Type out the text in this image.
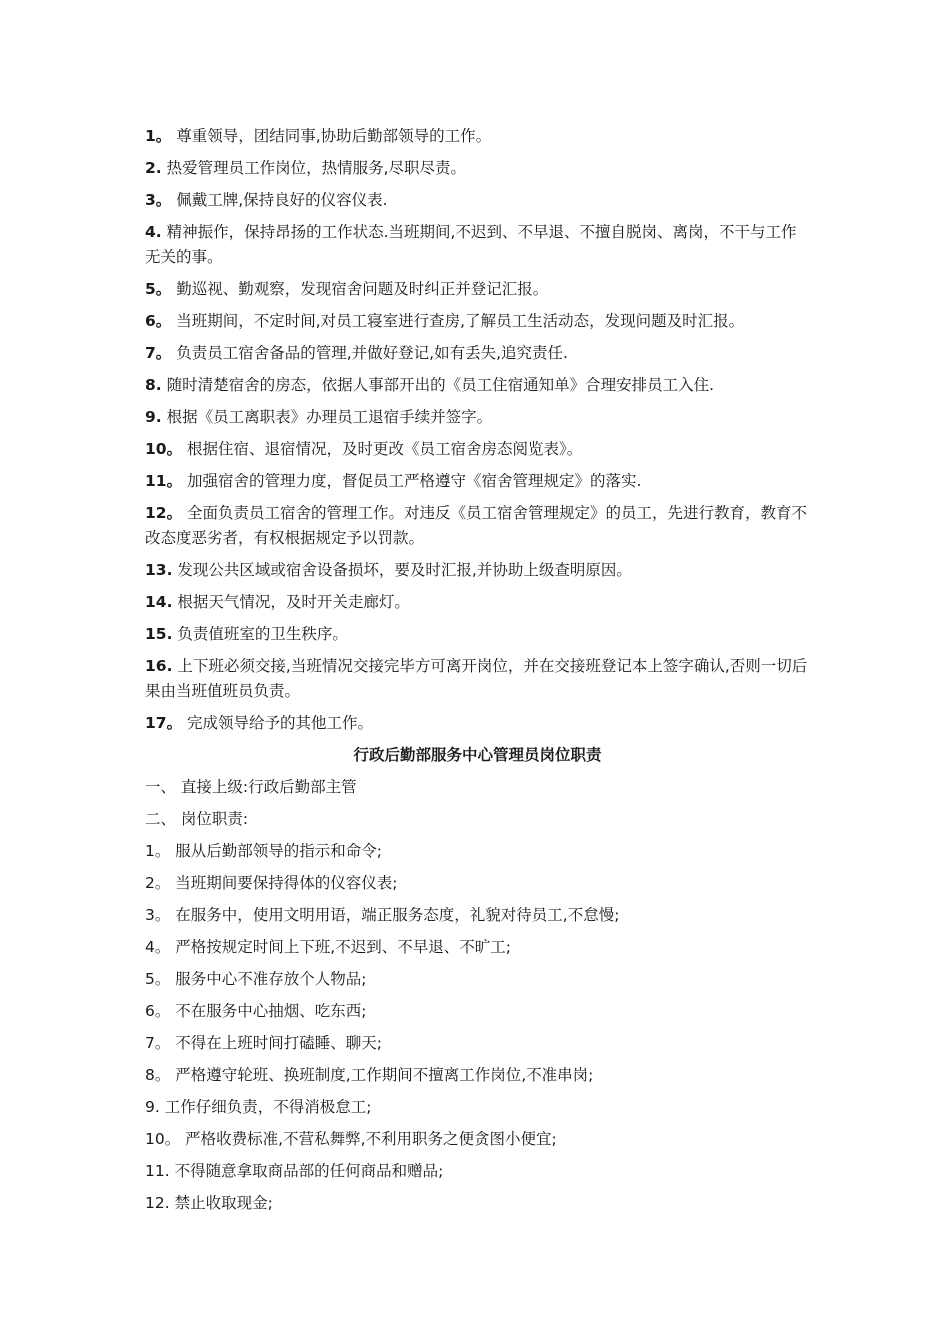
1。 尊重领导，团结同事,协助后勤部领导的工作。
2. 热爱管理员工作岗位，热情服务,尽职尽责。
3。 佩戴工牌,保持良好的仪容仪表.
4. 精神振作，保持昂扬的工作状态.当班期间,不迟到、不早退、不擅自脱岗、离岗，不干与工作无关的事。
5。 勤巡视、勤观察，发现宿舍问题及时纠正并登记汇报。
6。 当班期间，不定时间,对员工寝室进行查房,了解员工生活动态，发现问题及时汇报。
7。 负责员工宿舍备品的管理,并做好登记,如有丢失,追究责任.
8. 随时清楚宿舍的房态，依据人事部开出的《员工住宿通知单》合理安排员工入住.
9. 根据《员工离职表》办理员工退宿手续并签字。
10。 根据住宿、退宿情况，及时更改《员工宿舍房态阅览表》。
11。 加强宿舍的管理力度，督促员工严格遵守《宿舍管理规定》的落实.
12。 全面负责员工宿舍的管理工作。对违反《员工宿舍管理规定》的员工，先进行教育，教育不改态度恶劣者，有权根据规定予以罚款。
13. 发现公共区域或宿舍设备损坏，要及时汇报,并协助上级查明原因。
14. 根据天气情况，及时开关走廊灯。
15. 负责值班室的卫生秩序。
16. 上下班必须交接,当班情况交接完毕方可离开岗位，并在交接班登记本上签字确认,否则一切后果由当班值班员负责。
17。 完成领导给予的其他工作。
行政后勤部服务中心管理员岗位职责
一、 直接上级:行政后勤部主管
二、 岗位职责:
1。 服从后勤部领导的指示和命令;
2。 当班期间要保持得体的仪容仪表;
3。 在服务中，使用文明用语，端正服务态度，礼貌对待员工,不怠慢;
4。 严格按规定时间上下班,不迟到、不早退、不旷工;
5。 服务中心不准存放个人物品;
6。 不在服务中心抽烟、吃东西;
7。 不得在上班时间打磕睡、聊天;
8。 严格遵守轮班、换班制度,工作期间不擅离工作岗位,不准串岗;
9. 工作仔细负责，不得消极怠工;
10。 严格收费标准,不营私舞弊,不利用职务之便贪图小便宜;
11. 不得随意拿取商品部的任何商品和赠品;
12. 禁止收取现金;
